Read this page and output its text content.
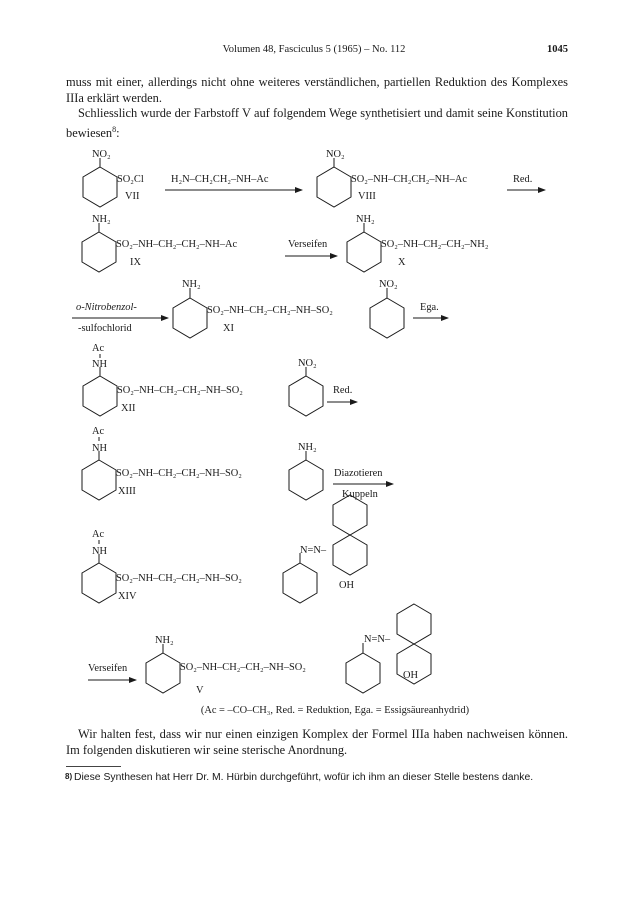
Volumen 48, Fasciculus 5 (1965) – No. 112	1045
muss mit einer, allerdings nicht ohne weiteres verständlichen, partiellen Reduktion des Komplexes IIIa erklärt werden.
Schliesslich wurde der Farbstoff V auf folgendem Wege synthetisiert und damit seine Konstitution bewiesen$^8$:
NO₂
SO₂Cl
VII
H₂N–CH₂CH₂–NH–Ac
NO₂
SO₂–NH–CH₂CH₂–NH–Ac
VIII
Red.
NH₂
SO₂–NH–CH₂–CH₂–NH–Ac
IX
Verseifen
NH₂
SO₂–NH–CH₂–CH₂–NH₂
X
NH₂	NO₂
o-Nitrobenzol-
-sulfochlorid
SO₂–NH–CH₂–CH₂–NH–SO₂
XI
Ega.
Ac
NH	NO₂
SO₂–NH–CH₂–CH₂–NH–SO₂
XII
Red.
Ac
NH	NH₂
SO₂–NH–CH₂–CH₂–NH–SO₂
XIII
Diazotieren
Kuppeln
Ac
NH	N=N–
SO₂–NH–CH₂–CH₂–NH–SO₂
OH
XIV
NH₂	N=N–
Verseifen	SO₂–NH–CH₂–CH₂–NH–SO₂
OH
V
(Ac = –CO–CH₃, Red. = Reduktion, Ega. = Essigsäureanhydrid)
Wir halten fest, dass wir nur einen einzigen Komplex der Formel IIIa haben nachweisen können. Im folgenden diskutieren wir seine sterische Anordnung.
8) Diese Synthesen hat Herr Dr. M. Hürbin durchgeführt, wofür ich ihm an dieser Stelle bestens danke.
